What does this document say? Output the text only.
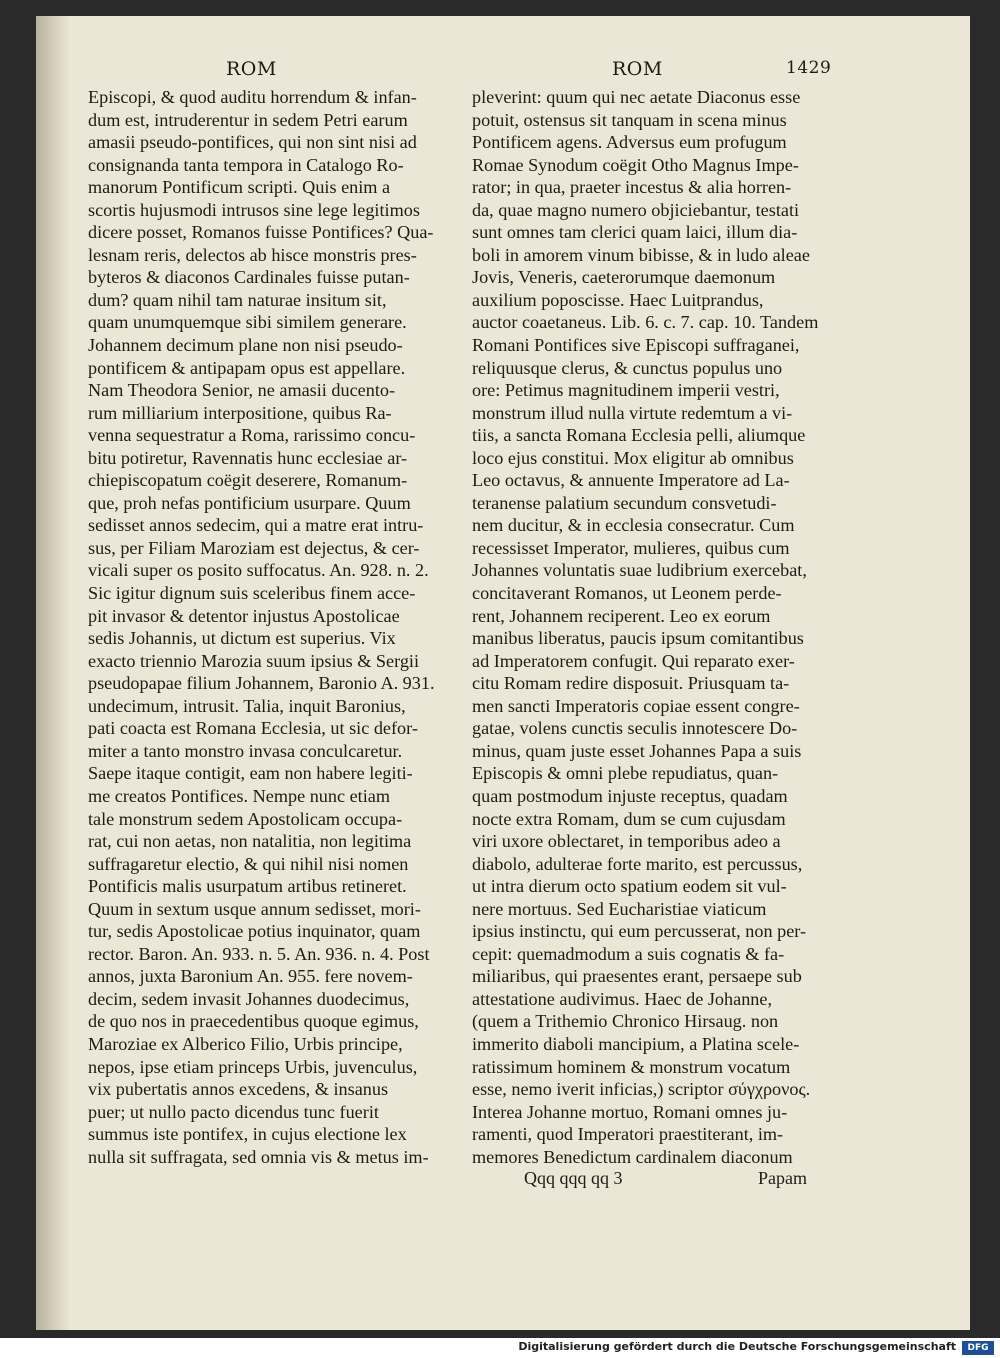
ROM	ROM	1429
Episcopi, & quod auditu horrendum & infan-
dum est, intruderentur in sedem Petri earum
amasii pseudo-pontifices, qui non sint nisi ad
consignanda tanta tempora in Catalogo Ro-
manorum Pontificum scripti. Quis enim a
scortis hujusmodi intrusos sine lege legitimos
dicere posset, Romanos fuisse Pontifices? Qua-
lesnam reris, delectos ab hisce monstris pres-
byteros & diaconos Cardinales fuisse putan-
dum? quam nihil tam naturae insitum sit,
quam unumquemque sibi similem generare.
Johannem decimum plane non nisi pseudo-
pontificem & antipapam opus est appellare.
Nam Theodora Senior, ne amasii ducento-
rum milliarium interpositione, quibus Ra-
venna sequestratur a Roma, rarissimo concu-
bitu potiretur, Ravennatis hunc ecclesiae ar-
chiepiscopatum coëgit deserere, Romanum-
que, proh nefas pontificium usurpare. Quum
sedisset annos sedecim, qui a matre erat intru-
sus, per Filiam Maroziam est dejectus, & cer-
vicali super os posito suffocatus. An. 928. n. 2.
Sic igitur dignum suis sceleribus finem acce-
pit invasor & detentor injustus Apostolicae
sedis Johannis, ut dictum est superius. Vix
exacto triennio Marozia suum ipsius & Sergii
pseudopapae filium Johannem, Baronio A. 931.
undecimum, intrusit. Talia, inquit Baronius,
pati coacta est Romana Ecclesia, ut sic defor-
miter a tanto monstro invasa conculcaretur.
Saepe itaque contigit, eam non habere legiti-
me creatos Pontifices. Nempe nunc etiam
tale monstrum sedem Apostolicam occupa-
rat, cui non aetas, non natalitia, non legitima
suffragaretur electio, & qui nihil nisi nomen
Pontificis malis usurpatum artibus retineret.
Quum in sextum usque annum sedisset, mori-
tur, sedis Apostolicae potius inquinator, quam
rector. Baron. An. 933. n. 5. An. 936. n. 4. Post
annos, juxta Baronium An. 955. fere novem-
decim, sedem invasit Johannes duodecimus,
de quo nos in praecedentibus quoque egimus,
Maroziae ex Alberico Filio, Urbis principe,
nepos, ipse etiam princeps Urbis, juvenculus,
vix pubertatis annos excedens, & insanus
puer; ut nullo pacto dicendus tunc fuerit
summus iste pontifex, in cujus electione lex
nulla sit suffragata, sed omnia vis & metus im-
pleverint: quum qui nec aetate Diaconus esse
potuit, ostensus sit tanquam in scena minus
Pontificem agens. Adversus eum profugum
Romae Synodum coëgit Otho Magnus Impe-
rator; in qua, praeter incestus & alia horren-
da, quae magno numero objiciebantur, testati
sunt omnes tam clerici quam laici, illum dia-
boli in amorem vinum bibisse, & in ludo aleae
Jovis, Veneris, caeterorumque daemonum
auxilium poposcisse. Haec Luitprandus,
auctor coaetaneus. Lib. 6. c. 7. cap. 10. Tandem
Romani Pontifices sive Episcopi suffraganei,
reliquusque clerus, & cunctus populus uno
ore: Petimus magnitudinem imperii vestri,
monstrum illud nulla virtute redemtum a vi-
tiis, a sancta Romana Ecclesia pelli, aliumque
loco ejus constitui. Mox eligitur ab omnibus
Leo octavus, & annuente Imperatore ad La-
teranense palatium secundum consvetudi-
nem ducitur, & in ecclesia consecratur. Cum
recessisset Imperator, mulieres, quibus cum
Johannes voluntatis suae ludibrium exercebat,
concitaverant Romanos, ut Leonem perde-
rent, Johannem reciperent. Leo ex eorum
manibus liberatus, paucis ipsum comitantibus
ad Imperatorem confugit. Qui reparato exer-
citu Romam redire disposuit. Priusquam ta-
men sancti Imperatoris copiae essent congre-
gatae, volens cunctis seculis innotescere Do-
minus, quam juste esset Johannes Papa a suis
Episcopis & omni plebe repudiatus, quan-
quam postmodum injuste receptus, quadam
nocte extra Romam, dum se cum cujusdam
viri uxore oblectaret, in temporibus adeo a
diabolo, adulterae forte marito, est percussus,
ut intra dierum octo spatium eodem sit vul-
nere mortuus. Sed Eucharistiae viaticum
ipsius instinctu, qui eum percusserat, non per-
cepit: quemadmodum a suis cognatis & fa-
miliaribus, qui praesentes erant, persaepe sub
attestatione audivimus. Haec de Johanne,
(quem a Trithemio Chronico Hirsaug. non
immerito diaboli mancipium, a Platina scele-
ratissimum hominem & monstrum vocatum
esse, nemo iverit inficias,) scriptor σύγχρονος.
Interea Johanne mortuo, Romani omnes ju-
ramenti, quod Imperatori praestiterant, im-
memores Benedictum cardinalem diaconum
Qqq qqq qq 3	Papam
Digitalisierung gefördert durch die Deutsche Forschungsgemeinschaft	DFG
